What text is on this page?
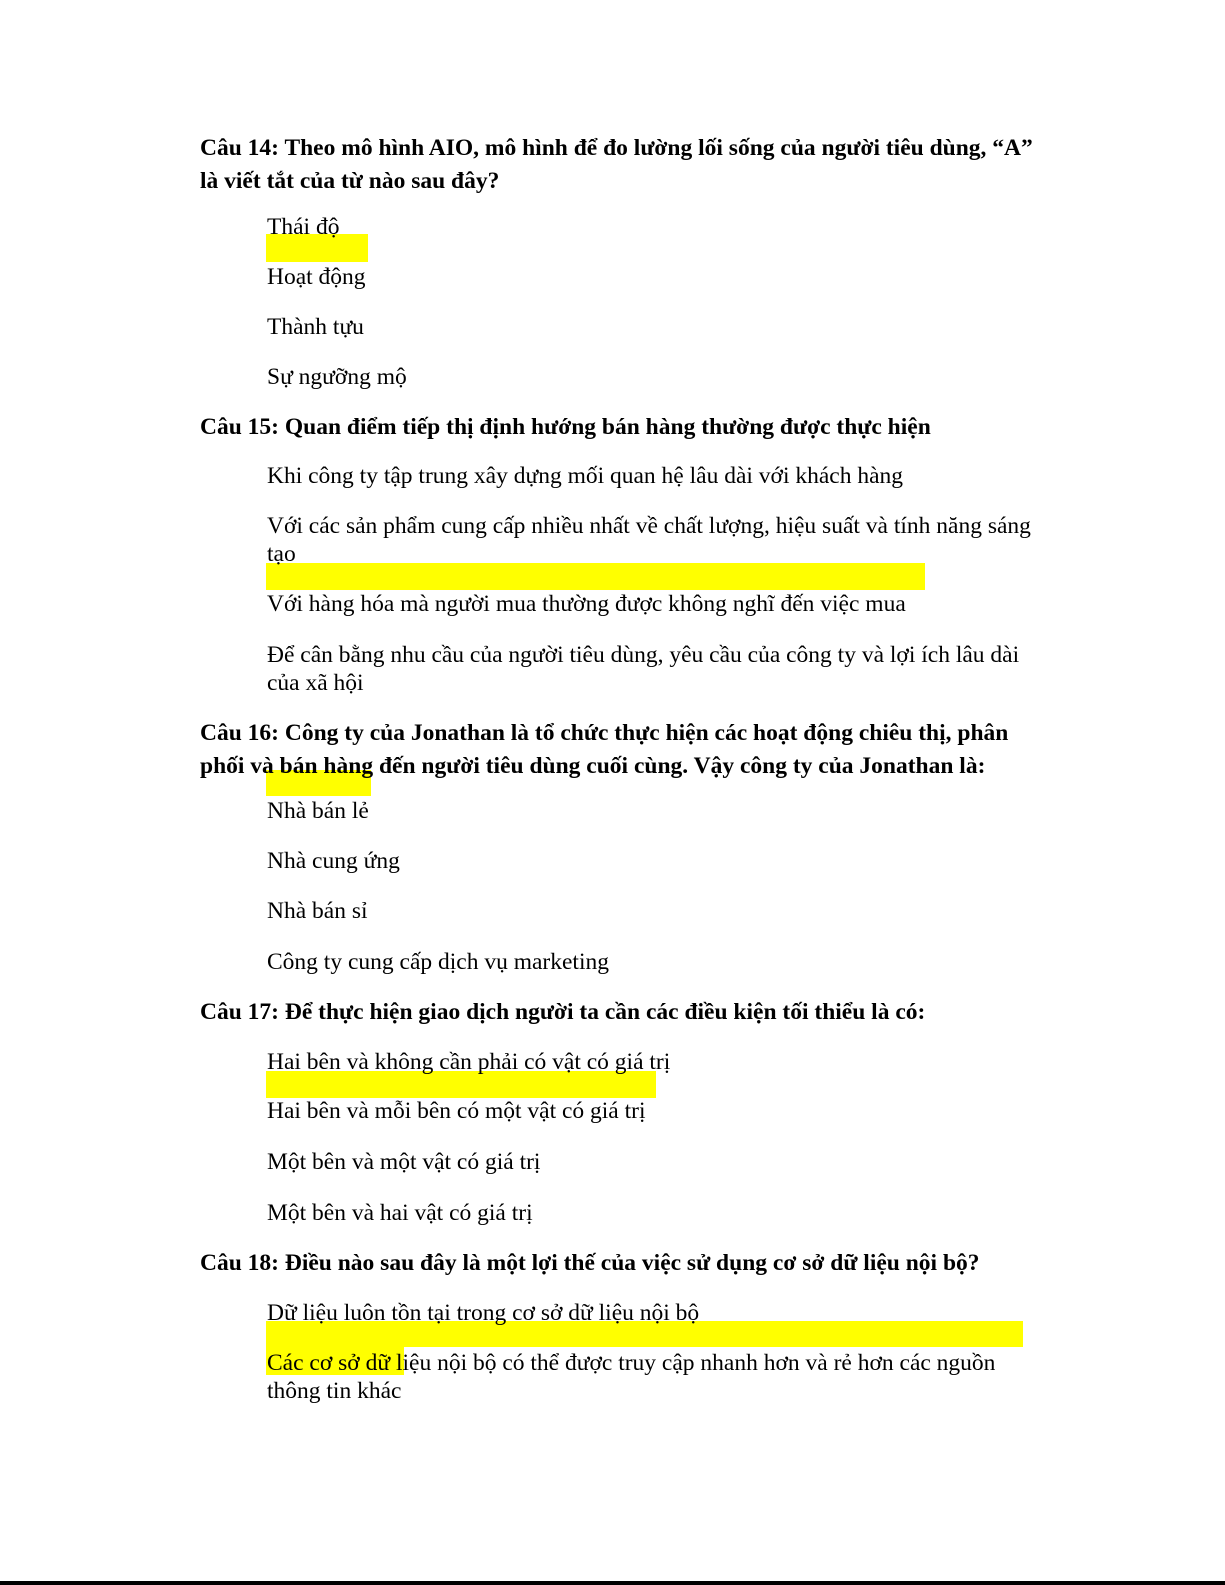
Câu 14: Theo mô hình AIO, mô hình để đo lường lối sống của người tiêu dùng, “A” là viết tắt của từ nào sau đây?

Thái độ
Hoạt động
Thành tựu
Sự ngưỡng mộ

Câu 15: Quan điểm tiếp thị định hướng bán hàng thường được thực hiện

Khi công ty tập trung xây dựng mối quan hệ lâu dài với khách hàng
Với các sản phẩm cung cấp nhiều nhất về chất lượng, hiệu suất và tính năng sáng tạo
Với hàng hóa mà người mua thường được không nghĩ đến việc mua
Để cân bằng nhu cầu của người tiêu dùng, yêu cầu của công ty và lợi ích lâu dài của xã hội

Câu 16: Công ty của Jonathan là tổ chức thực hiện các hoạt động chiêu thị, phân phối và bán hàng đến người tiêu dùng cuối cùng. Vậy công ty của Jonathan là:

Nhà bán lẻ
Nhà cung ứng
Nhà bán sỉ
Công ty cung cấp dịch vụ marketing

Câu 17: Để thực hiện giao dịch người ta cần các điều kiện tối thiểu là có:

Hai bên và không cần phải có vật có giá trị
Hai bên và mỗi bên có một vật có giá trị
Một bên và một vật có giá trị
Một bên và hai vật có giá trị

Câu 18: Điều nào sau đây là một lợi thế của việc sử dụng cơ sở dữ liệu nội bộ?

Dữ liệu luôn tồn tại trong cơ sở dữ liệu nội bộ
Các cơ sở dữ liệu nội bộ có thể được truy cập nhanh hơn và rẻ hơn các nguồn thông tin khác
